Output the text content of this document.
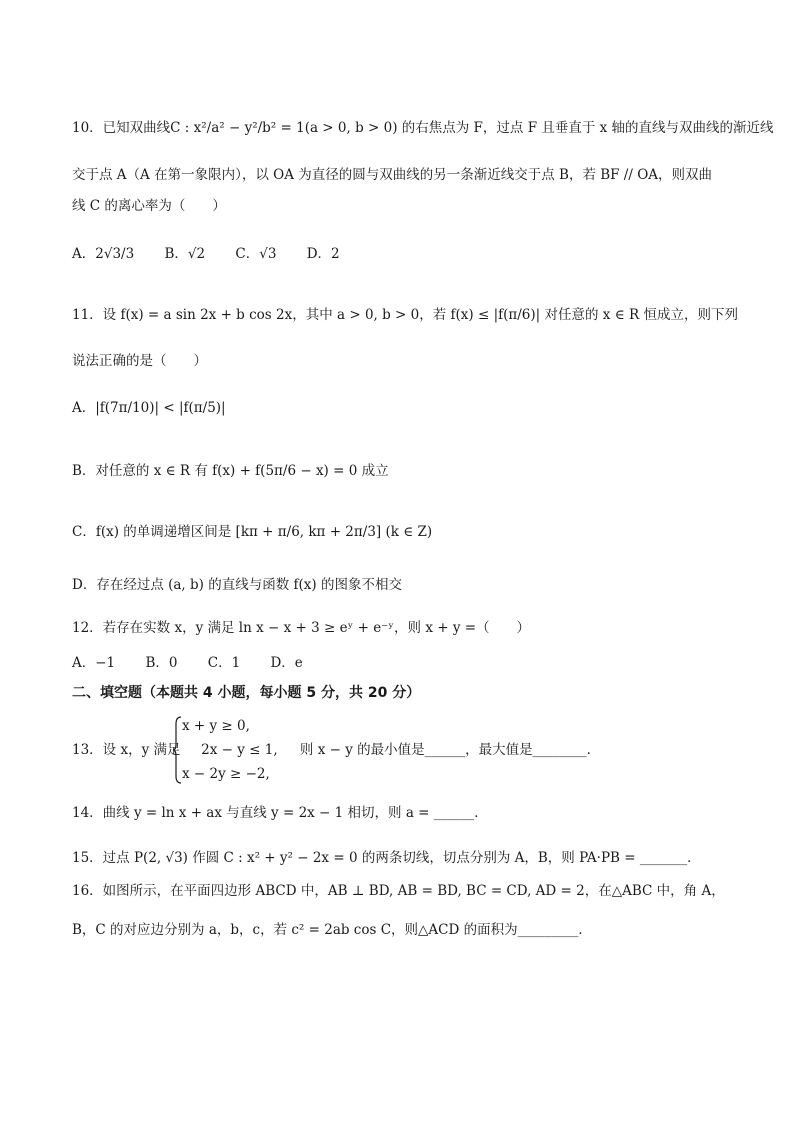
10．已知双曲线C : x²/a² − y²/b² = 1(a > 0, b > 0) 的右焦点为 F，过点 F 且垂直于 x 轴的直线与双曲线的渐近线
交于点 A（A 在第一象限内），以 OA 为直径的圆与双曲线的另一条渐近线交于点 B，若 BF // OA，则双曲
线 C 的离心率为（　　）
A．2√3/3 B．√2 C．√3 D．2
11．设 f(x) = a sin 2x + b cos 2x，其中 a > 0, b > 0，若 f(x) ≤ |f(π/6)| 对任意的 x ∈ R 恒成立，则下列
说法正确的是（　　）
A．|f(7π/10)| < |f(π/5)|
B．对任意的 x ∈ R 有 f(x) + f(5π/6 − x) = 0 成立
C．f(x) 的单调递增区间是 [kπ + π/6, kπ + 2π/3] (k ∈ Z)
D．存在经过点 (a, b) 的直线与函数 f(x) 的图象不相交
12．若存在实数 x，y 满足 ln x − x + 3 ≥ eʸ + e⁻ʸ，则 x + y =（　　）
A．−1 B．0 C．1 D．e
二、填空题（本题共 4 小题，每小题 5 分，共 20 分）
x + y ≥ 0,
13．设 x，y 满足 2x − y ≤ 1, 则 x − y 的最小值是______，最大值是________．
x − 2y ≥ −2,
14．曲线 y = ln x + ax 与直线 y = 2x − 1 相切，则 a = ______．
15．过点 P(2, √3) 作圆 C : x² + y² − 2x = 0 的两条切线，切点分别为 A，B，则 PA·PB = _______．
16．如图所示，在平面四边形 ABCD 中，AB ⊥ BD, AB = BD, BC = CD, AD = 2，在△ABC 中，角 A，
B，C 的对应边分别为 a，b，c，若 c² = 2ab cos C，则△ACD 的面积为_________．
